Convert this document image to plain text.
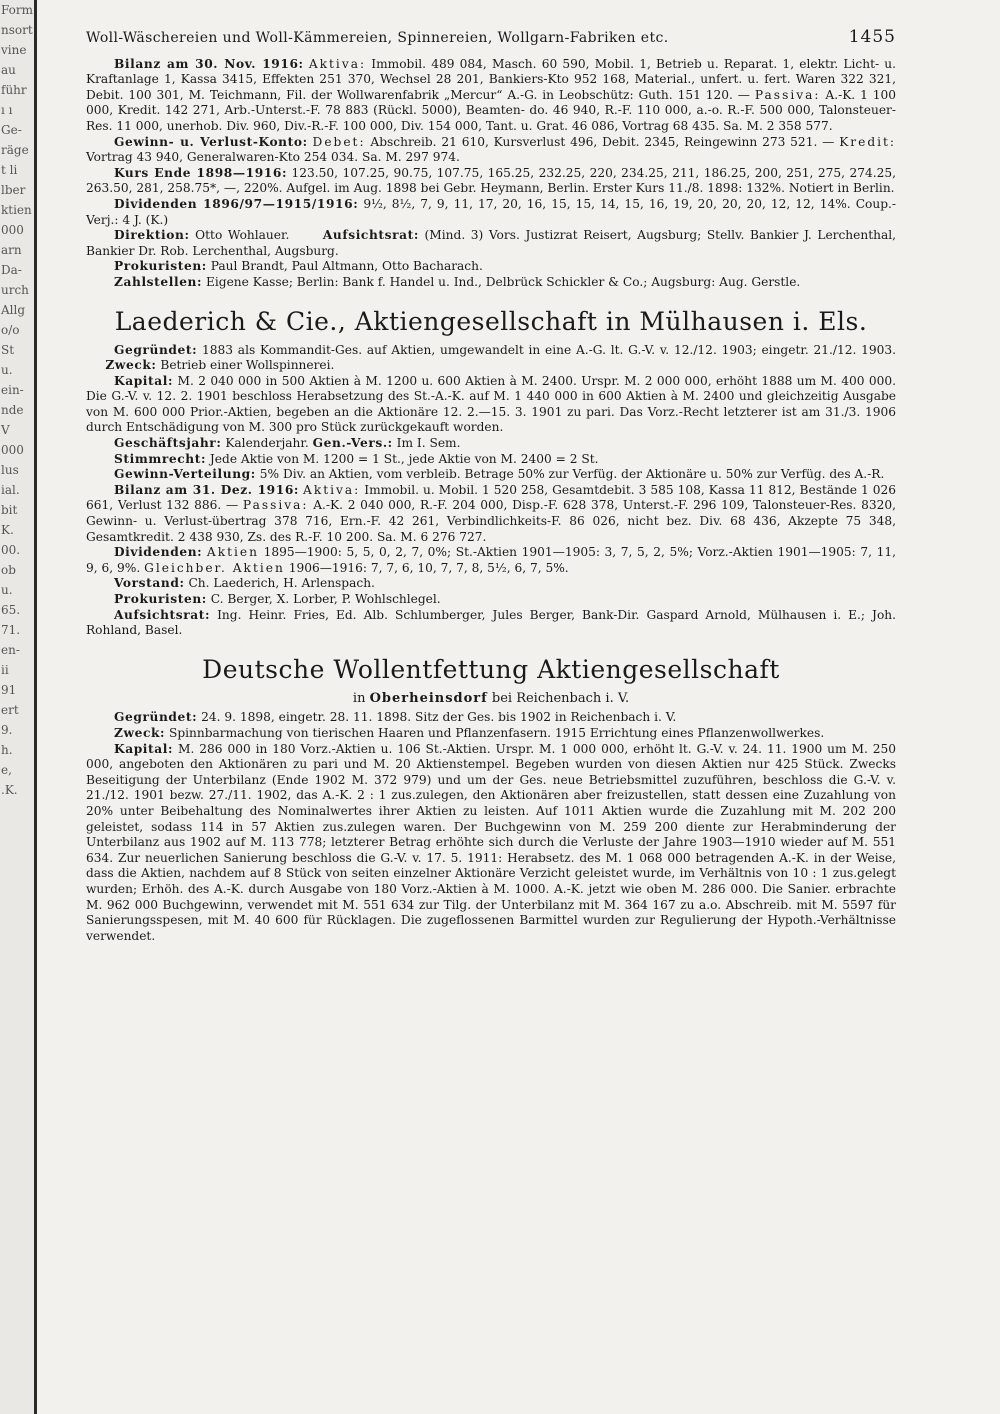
Form
nsort
vine
au
führ
ı ı
Ge-
räge
t li
lber
ktien
000
arn
Da-
urch
Allg
o/o
St
u.
ein-
nde
V
000
lus
ial.
bit
K.
00.
ob
u.
65.
71.
en-
ii
91
ert
9.
h.
e,
.K.
Woll-Wäschereien und Woll-Kämmereien, Spinnereien, Wollgarn-Fabriken etc.	1455

Bilanz am 30. Nov. 1916: Aktiva: Immobil. 489 084, Masch. 60 590, Mobil. 1, Betrieb u. Reparat. 1, elektr. Licht- u. Kraftanlage 1, Kassa 3415, Effekten 251 370, Wechsel 28 201, Bankiers-Kto 952 168, Material., unfert. u. fert. Waren 322 321, Debit. 100 301, M. Teichmann, Fil. der Wollwarenfabrik „Mercur“ A.-G. in Leobschütz: Guth. 151 120. — Passiva: A.-K. 1 100 000, Kredit. 142 271, Arb.-Unterst.-F. 78 883 (Rückl. 5000), Beamten- do. 46 940, R.-F. 110 000, a.-o. R.-F. 500 000, Talonsteuer-Res. 11 000, unerhob. Div. 960, Div.-R.-F. 100 000, Div. 154 000, Tant. u. Grat. 46 086, Vortrag 68 435. Sa. M. 2 358 577.

Gewinn- u. Verlust-Konto: Debet: Abschreib. 21 610, Kursverlust 496, Debit. 2345, Reingewinn 273 521. — Kredit: Vortrag 43 940, Generalwaren-Kto 254 034. Sa. M. 297 974.

Kurs Ende 1898—1916: 123.50, 107.25, 90.75, 107.75, 165.25, 232.25, 220, 234.25, 211, 186.25, 200, 251, 275, 274.25, 263.50, 281, 258.75*, —, 220%. Aufgel. im Aug. 1898 bei Gebr. Heymann, Berlin. Erster Kurs 11./8. 1898: 132%. Notiert in Berlin.

Dividenden 1896/97—1915/1916: 9½, 8½, 7, 9, 11, 17, 20, 16, 15, 15, 14, 15, 16, 19, 20, 20, 20, 12, 12, 14%. Coup.-Verj.: 4 J. (K.)

Direktion: Otto Wohlauer.	Aufsichtsrat: (Mind. 3) Vors. Justizrat Reisert, Augsburg; Stellv. Bankier J. Lerchenthal, Bankier Dr. Rob. Lerchenthal, Augsburg.

Prokuristen: Paul Brandt, Paul Altmann, Otto Bacharach.

Zahlstellen: Eigene Kasse; Berlin: Bank f. Handel u. Ind., Delbrück Schickler & Co.; Augsburg: Aug. Gerstle.

Laederich & Cie., Aktiengesellschaft in Mülhausen i. Els.

Gegründet: 1883 als Kommandit-Ges. auf Aktien, umgewandelt in eine A.-G. lt. G.-V. v. 12./12. 1903; eingetr. 21./12. 1903.      Zweck: Betrieb einer Wollspinnerei.

Kapital: M. 2 040 000 in 500 Aktien à M. 1200 u. 600 Aktien à M. 2400. Urspr. M. 2 000 000, erhöht 1888 um M. 400 000. Die G.-V. v. 12. 2. 1901 beschloss Herabsetzung des St.-A.-K. auf M. 1 440 000 in 600 Aktien à M. 2400 und gleichzeitig Ausgabe von M. 600 000 Prior.-Aktien, begeben an die Aktionäre 12. 2.—15. 3. 1901 zu pari. Das Vorz.-Recht letzterer ist am 31./3. 1906 durch Entschädigung von M. 300 pro Stück zurückgekauft worden.

Geschäftsjahr: Kalenderjahr. Gen.-Vers.: Im I. Sem.

Stimmrecht: Jede Aktie von M. 1200 = 1 St., jede Aktie von M. 2400 = 2 St.

Gewinn-Verteilung: 5% Div. an Aktien, vom verbleib. Betrage 50% zur Verfüg. der Aktionäre u. 50% zur Verfüg. des A.-R.

Bilanz am 31. Dez. 1916: Aktiva: Immobil. u. Mobil. 1 520 258, Gesamtdebit. 3 585 108, Kassa 11 812, Bestände 1 026 661, Verlust 132 886. — Passiva: A.-K. 2 040 000, R.-F. 204 000, Disp.-F. 628 378, Unterst.-F. 296 109, Talonsteuer-Res. 8320, Gewinn- u. Verlust-übertrag 378 716, Ern.-F. 42 261, Verbindlichkeits-F. 86 026, nicht bez. Div. 68 436, Akzepte 75 348, Gesamtkredit. 2 438 930, Zs. des R.-F. 10 200. Sa. M. 6 276 727.

Dividenden: Aktien 1895—1900: 5, 5, 0, 2, 7, 0%; St.-Aktien 1901—1905: 3, 7, 5, 2, 5%; Vorz.-Aktien 1901—1905: 7, 11, 9, 6, 9%. Gleichber. Aktien 1906—1916: 7, 7, 6, 10, 7, 7, 8, 5½, 6, 7, 5%.

Vorstand: Ch. Laederich, H. Arlenspach.

Prokuristen: C. Berger, X. Lorber, P. Wohlschlegel.

Aufsichtsrat: Ing. Heinr. Fries, Ed. Alb. Schlumberger, Jules Berger, Bank-Dir. Gaspard Arnold, Mülhausen i. E.; Joh. Rohland, Basel.

Deutsche Wollentfettung Aktiengesellschaft
in Oberheinsdorf bei Reichenbach i. V.

Gegründet: 24. 9. 1898, eingetr. 28. 11. 1898. Sitz der Ges. bis 1902 in Reichenbach i. V.

Zweck: Spinnbarmachung von tierischen Haaren und Pflanzenfasern. 1915 Errichtung eines Pflanzenwollwerkes.

Kapital: M. 286 000 in 180 Vorz.-Aktien u. 106 St.-Aktien. Urspr. M. 1 000 000, erhöht lt. G.-V. v. 24. 11. 1900 um M. 250 000, angeboten den Aktionären zu pari und M. 20 Aktienstempel. Begeben wurden von diesen Aktien nur 425 Stück. Zwecks Beseitigung der Unterbilanz (Ende 1902 M. 372 979) und um der Ges. neue Betriebsmittel zuzuführen, beschloss die G.-V. v. 21./12. 1901 bezw. 27./11. 1902, das A.-K. 2 : 1 zus.zulegen, den Aktionären aber freizustellen, statt dessen eine Zuzahlung von 20% unter Beibehaltung des Nominalwertes ihrer Aktien zu leisten. Auf 1011 Aktien wurde die Zuzahlung mit M. 202 200 geleistet, sodass 114 in 57 Aktien zus.zulegen waren. Der Buchgewinn von M. 259 200 diente zur Herabminderung der Unterbilanz aus 1902 auf M. 113 778; letzterer Betrag erhöhte sich durch die Verluste der Jahre 1903—1910 wieder auf M. 551 634. Zur neuerlichen Sanierung beschloss die G.-V. v. 17. 5. 1911: Herabsetz. des M. 1 068 000 betragenden A.-K. in der Weise, dass die Aktien, nachdem auf 8 Stück von seiten einzelner Aktionäre Verzicht geleistet wurde, im Verhältnis von 10 : 1 zus.gelegt wurden; Erhöh. des A.-K. durch Ausgabe von 180 Vorz.-Aktien à M. 1000. A.-K. jetzt wie oben M. 286 000. Die Sanier. erbrachte M. 962 000 Buchgewinn, verwendet mit M. 551 634 zur Tilg. der Unterbilanz mit M. 364 167 zu a.o. Abschreib. mit M. 5597 für Sanierungsspesen, mit M. 40 600 für Rücklagen. Die zugeflossenen Barmittel wurden zur Regulierung der Hypoth.-Verhältnisse verwendet.
